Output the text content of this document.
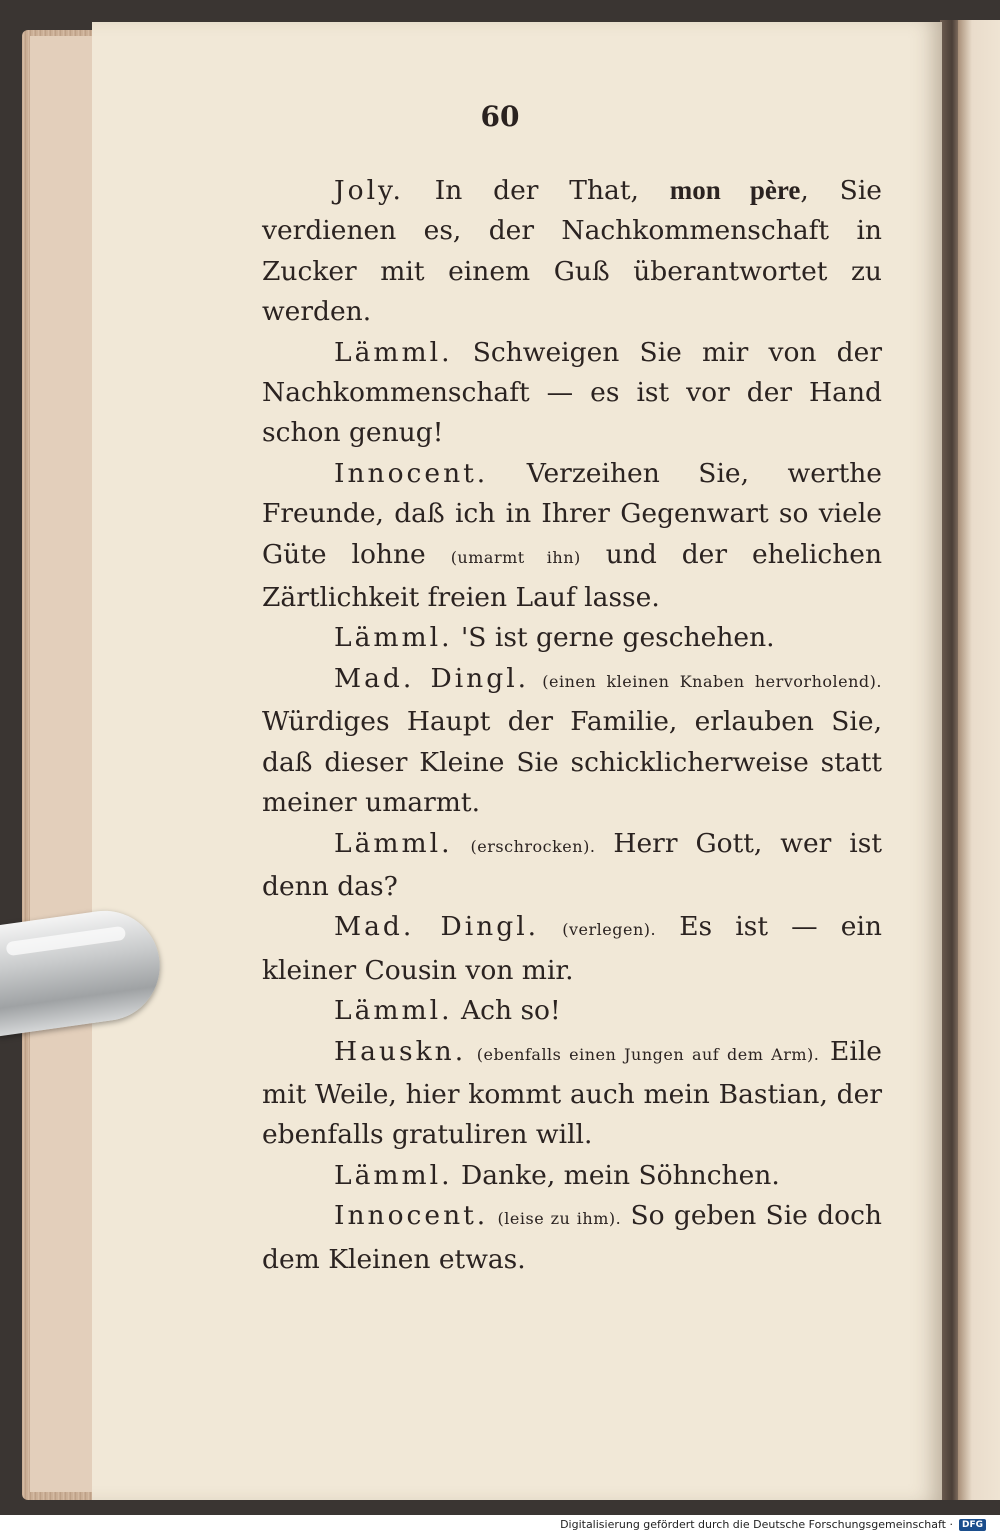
60

Joly. In der That, mon père, Sie verdienen es, der Nachkommenschaft in Zucker mit einem Guß überantwortet zu werden.

Lämml. Schweigen Sie mir von der Nachkommenschaft — es ist vor der Hand schon genug!

Innocent. Verzeihen Sie, werthe Freunde, daß ich in Ihrer Gegenwart so viele Güte lohne (umarmt ihn) und der ehelichen Zärtlichkeit freien Lauf lasse.

Lämml. 'S ist gerne geschehen.

Mad. Dingl. (einen kleinen Knaben hervorholend). Würdiges Haupt der Familie, erlauben Sie, daß dieser Kleine Sie schicklicherweise statt meiner umarmt.

Lämml. (erschrocken). Herr Gott, wer ist denn das?

Mad. Dingl. (verlegen). Es ist — ein kleiner Cousin von mir.

Lämml. Ach so!

Hauskn. (ebenfalls einen Jungen auf dem Arm). Eile mit Weile, hier kommt auch mein Bastian, der ebenfalls gratuliren will.

Lämml. Danke, mein Söhnchen.

Innocent. (leise zu ihm). So geben Sie doch dem Kleinen etwas.

Digitalisierung gefördert durch die Deutsche Forschungsgemeinschaft ·	DFG
